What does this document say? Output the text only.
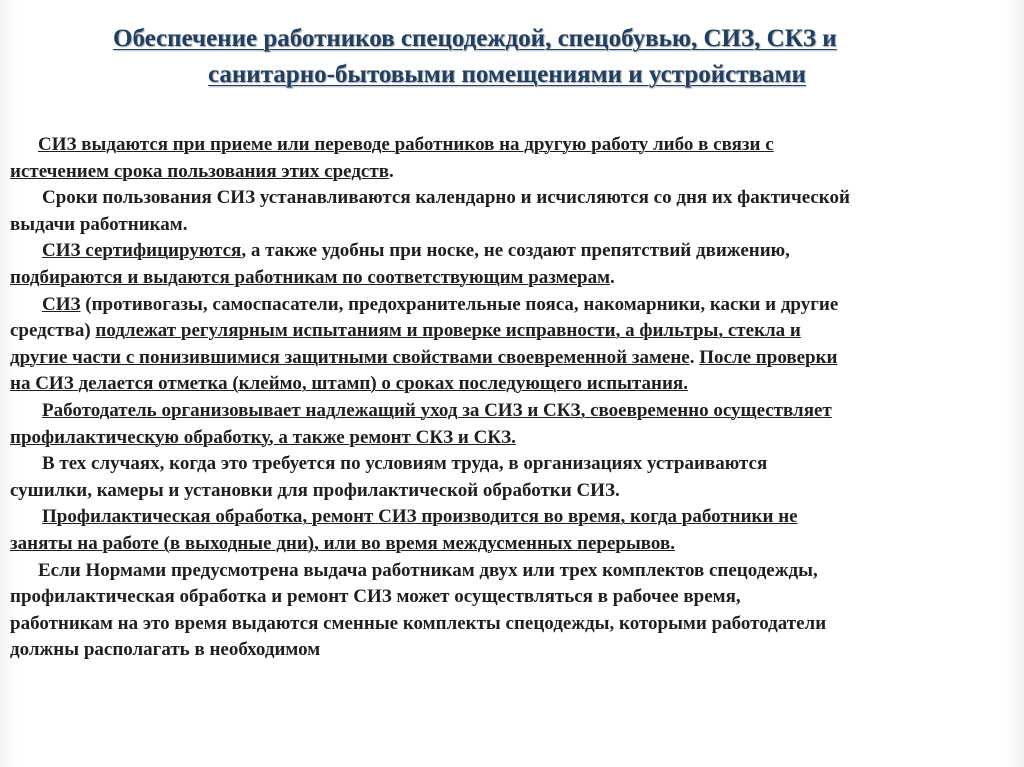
Обеспечение работников спецодеждой, спецобувью, СИЗ, СКЗ и
санитарно-бытовыми помещениями и устройствами
СИЗ выдаются при приеме или переводе работников на другую работу либо в связи с
истечением срока пользования этих средств.
Сроки пользования СИЗ устанавливаются календарно и исчисляются со дня их фактической
выдачи работникам.
СИЗ сертифицируются, а также удобны при носке, не создают препятствий движению,
подбираются и выдаются работникам по соответствующим размерам.
СИЗ (противогазы, самоспасатели, предохранительные пояса, накомарники, каски и другие
средства) подлежат регулярным испытаниям и проверке исправности, а фильтры, стекла и
другие части с понизившимися защитными свойствами своевременной замене. После проверки
на СИЗ делается отметка (клеймо, штамп) о сроках последующего испытания.
Работодатель организовывает надлежащий уход за СИЗ и СКЗ, своевременно осуществляет
профилактическую обработку, а также ремонт СКЗ и СКЗ.
В тех случаях, когда это требуется по условиям труда, в организациях устраиваются
сушилки, камеры и установки для профилактической обработки СИЗ.
Профилактическая обработка, ремонт СИЗ производится во время, когда работники не
заняты на работе (в выходные дни), или во время междусменных перерывов.
Если Нормами предусмотрена выдача работникам двух или трех комплектов спецодежды,
профилактическая обработка и ремонт СИЗ может осуществляться в рабочее время,
работникам на это время выдаются сменные комплекты спецодежды, которыми работодатели
должны располагать в необходимом
